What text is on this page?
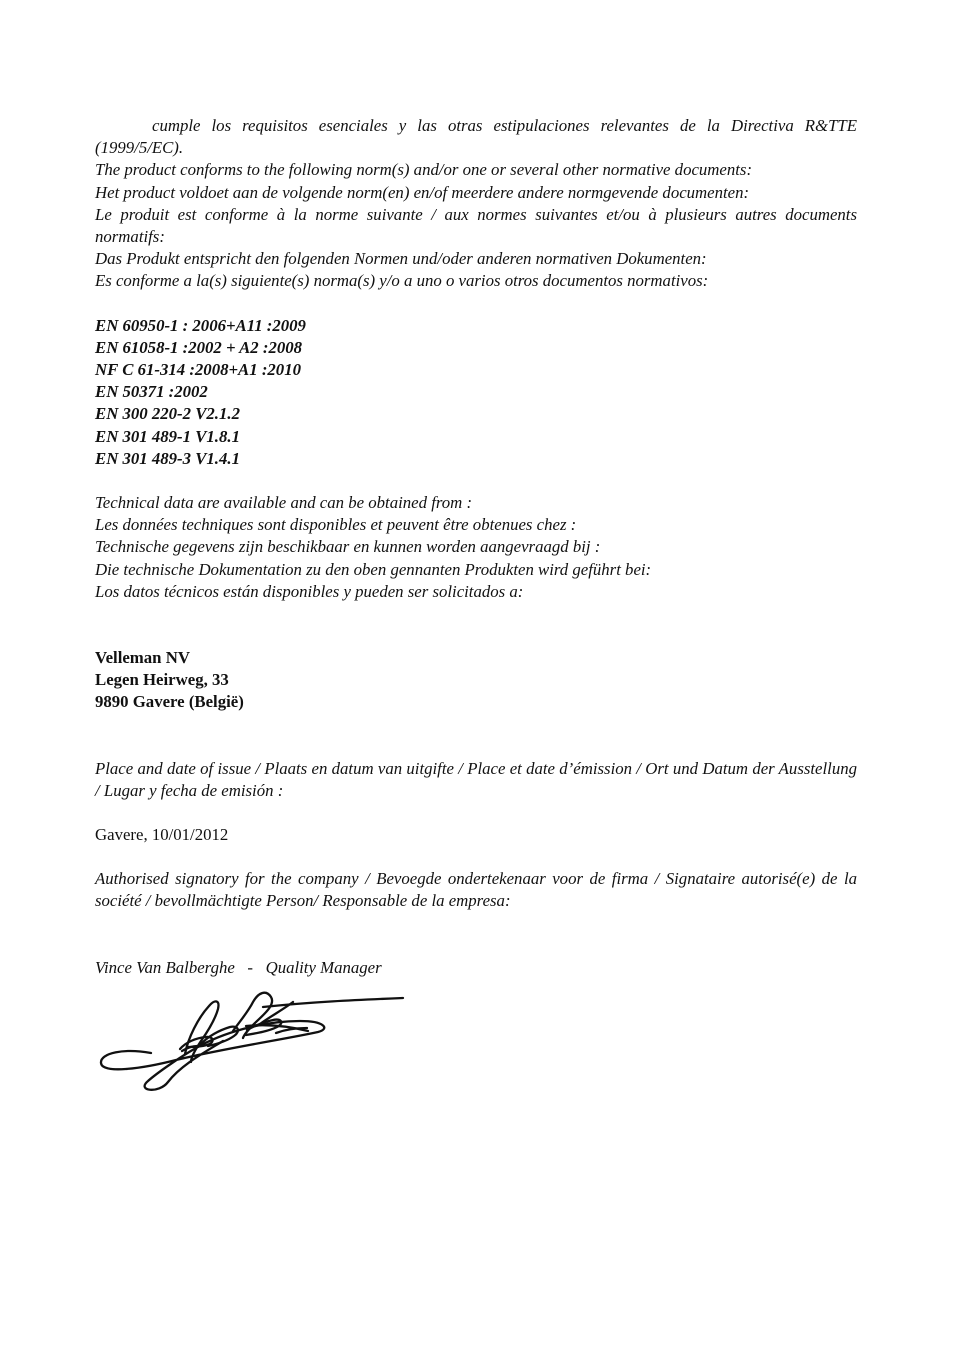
cumple los requisitos esenciales y las otras estipulaciones relevantes de la Directiva R&TTE (1999/5/EC).
The product conforms to the following norm(s) and/or one or several other normative documents:
Het product voldoet aan de volgende norm(en) en/of meerdere andere normgevende documenten:
Le produit est conforme à la norme suivante / aux normes suivantes et/ou à plusieurs autres documents normatifs:
Das Produkt entspricht den folgenden Normen und/oder anderen normativen Dokumenten:
Es conforme a la(s) siguiente(s) norma(s) y/o a uno o varios otros documentos normativos:
EN 60950-1 : 2006+A11 :2009
EN 61058-1 :2002 + A2 :2008
NF C 61-314 :2008+A1 :2010
EN 50371 :2002
EN 300 220-2 V2.1.2
EN 301 489-1 V1.8.1
EN 301 489-3 V1.4.1
Technical data are available and can be obtained from :
Les données techniques sont disponibles et peuvent être obtenues chez :
Technische gegevens zijn beschikbaar en kunnen worden aangevraagd bij :
Die technische Dokumentation zu den oben gennanten Produkten wird geführt bei:
Los datos técnicos están disponibles y pueden ser solicitados a:
Velleman NV
Legen Heirweg, 33
9890 Gavere (België)
Place and date of issue / Plaats en datum van uitgifte / Place et date d’émission / Ort und Datum der Ausstellung / Lugar y fecha de emisión :
Gavere, 10/01/2012
Authorised signatory for the company / Bevoegde ondertekenaar voor de firma / Signataire autorisé(e) de la société / bevollmächtigte Person/ Responsable de la empresa:
Vince Van Balberghe - Quality Manager
